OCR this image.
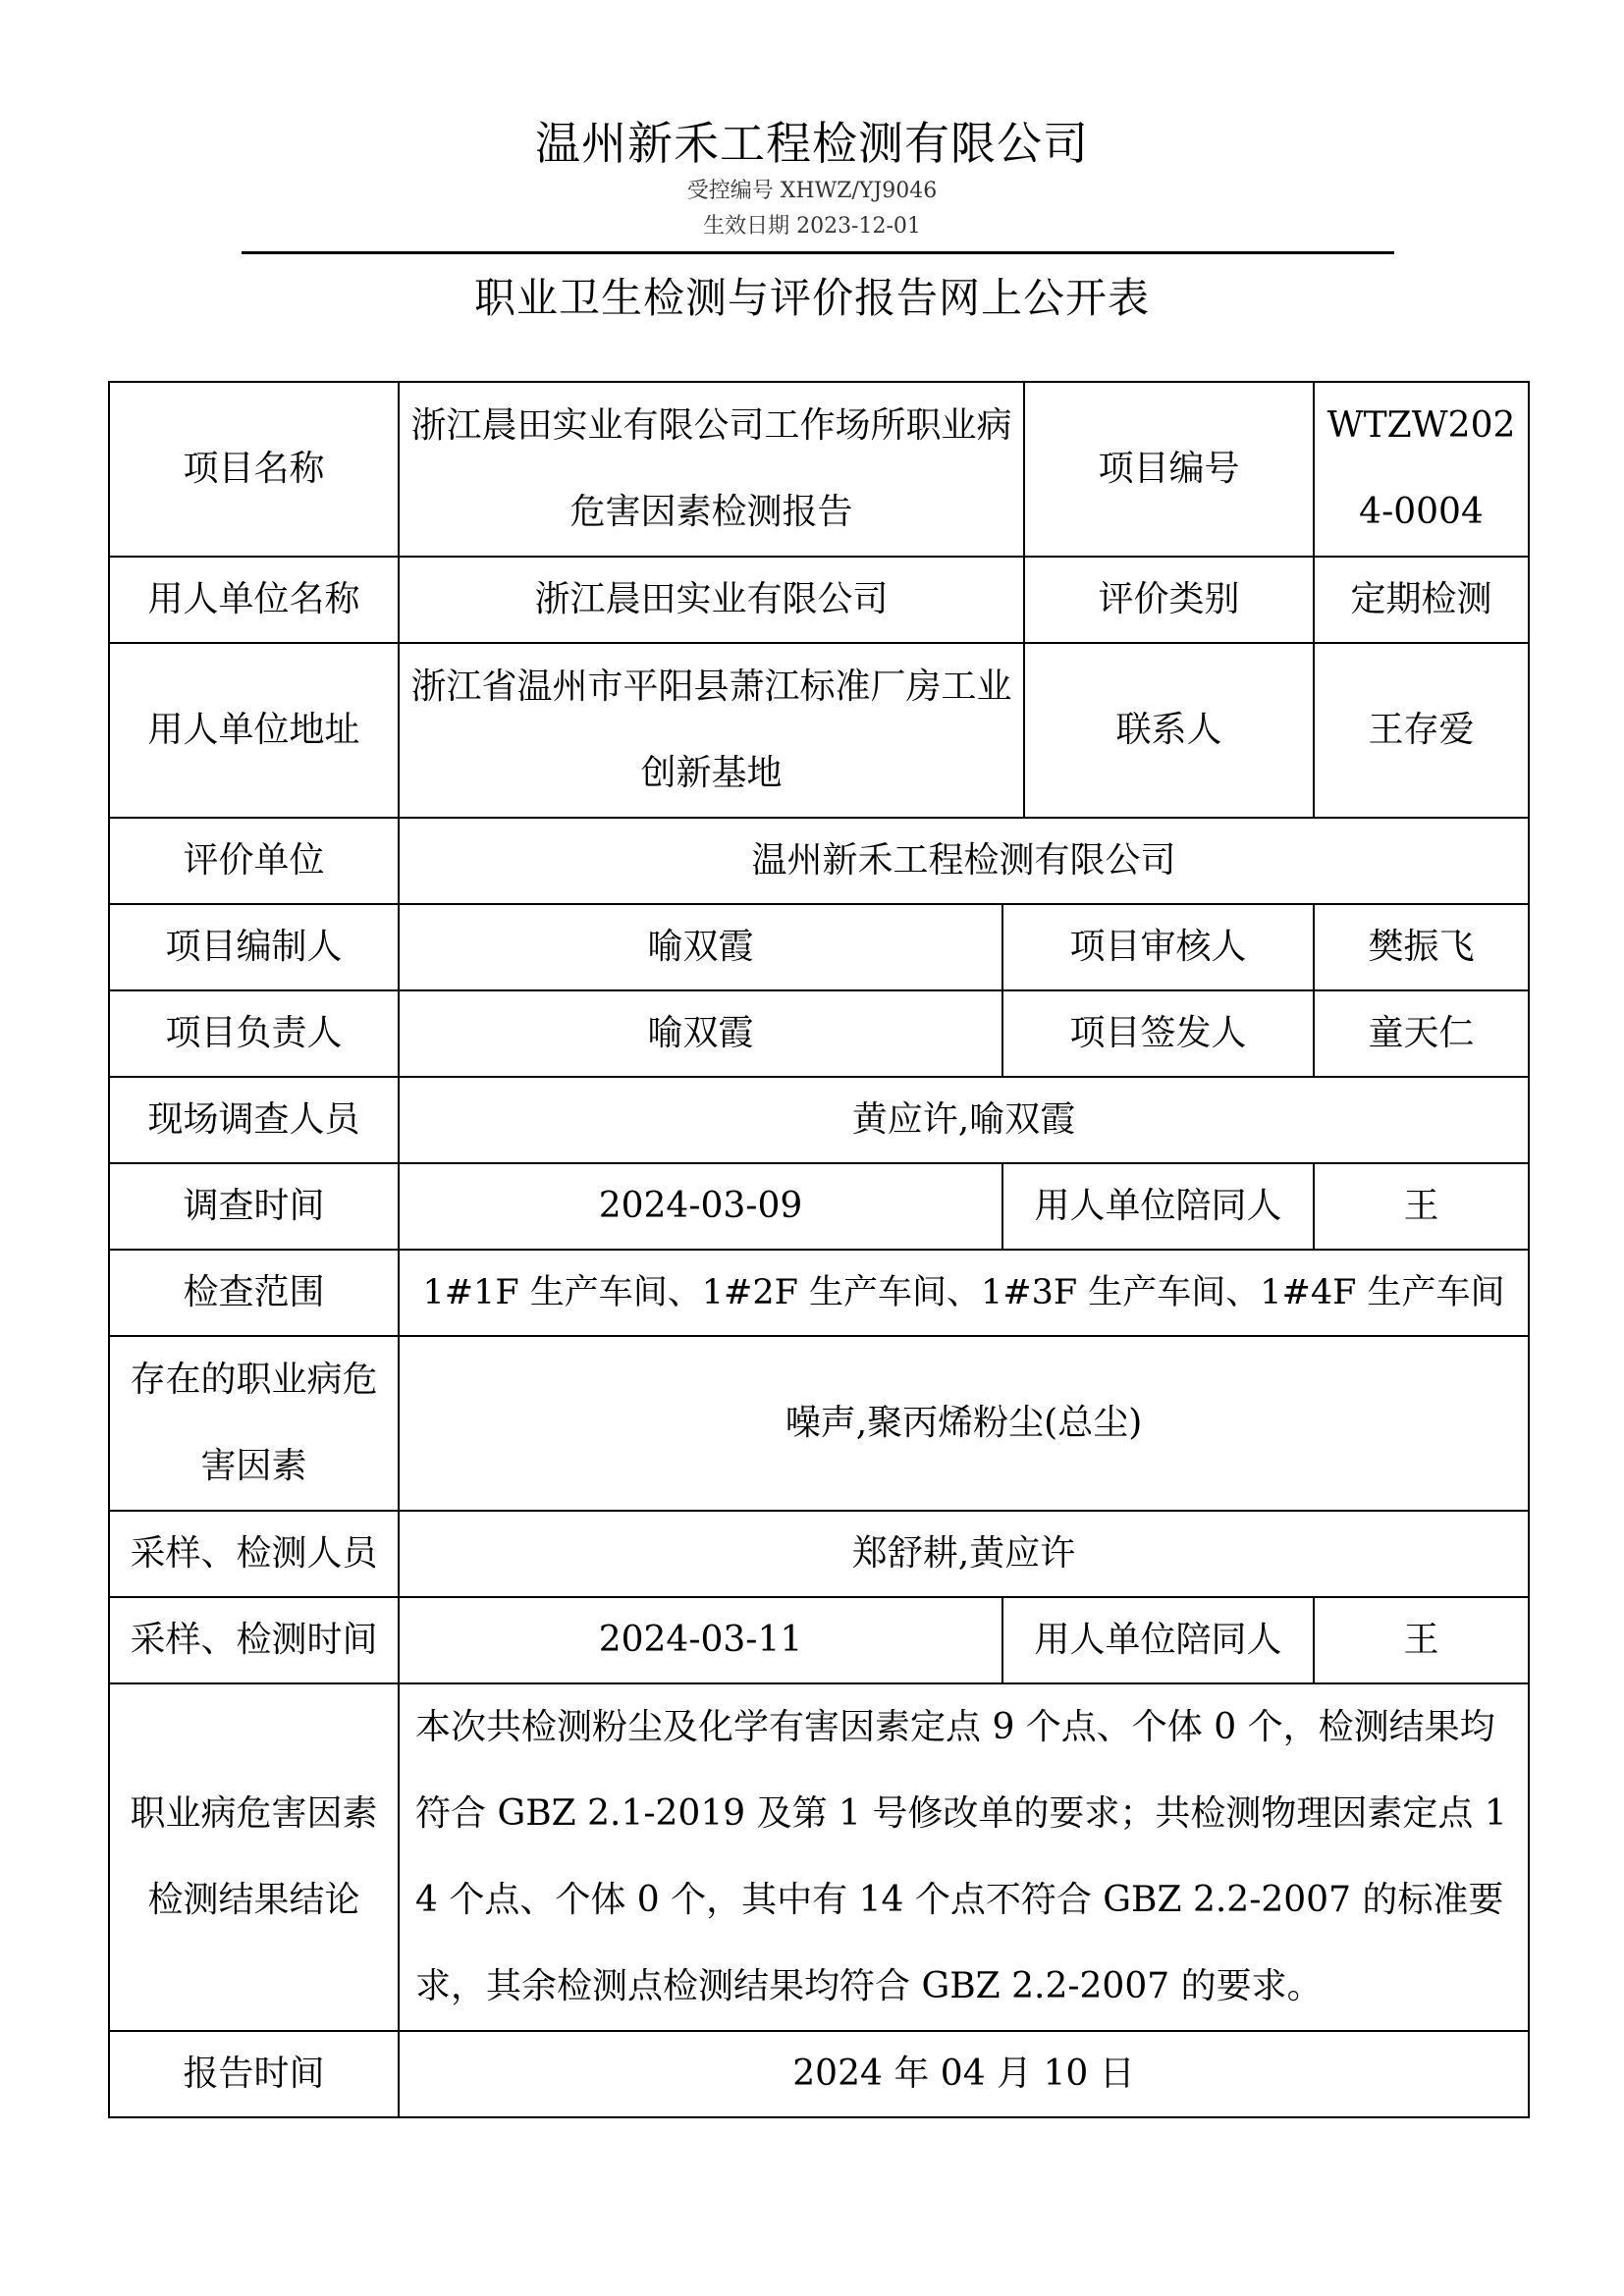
温州新禾工程检测有限公司
受控编号 XHWZ/YJ9046
生效日期 2023-12-01
职业卫生检测与评价报告网上公开表
项目名称	浙江晨田实业有限公司工作场所职业病危害因素检测报告		项目编号	WTZW2024-0004
用人单位名称	浙江晨田实业有限公司		评价类别	定期检测
用人单位地址	浙江省温州市平阳县萧江标准厂房工业创新基地		联系人	王存爱
评价单位	温州新禾工程检测有限公司			
项目编制人	喻双霞	项目审核人		樊振飞
项目负责人	喻双霞	项目签发人		童天仁
现场调查人员	黄应许,喻双霞			
调查时间	2024-03-09	用人单位陪同人		王
检查范围	1#1F 生产车间、1#2F 生产车间、1#3F 生产车间、1#4F 生产车间			
存在的职业病危害因素	噪声,聚丙烯粉尘(总尘)			
采样、检测人员	郑舒耕,黄应许			
采样、检测时间	2024-03-11	用人单位陪同人		王
职业病危害因素检测结果结论	本次共检测粉尘及化学有害因素定点 9 个点、个体 0 个，检测结果均符合 GBZ 2.1-2019 及第 1 号修改单的要求；共检测物理因素定点 14 个点、个体 0 个，其中有 14 个点不符合 GBZ 2.2-2007 的标准要求，其余检测点检测结果均符合 GBZ 2.2-2007 的要求。			
报告时间	2024 年 04 月 10 日			
